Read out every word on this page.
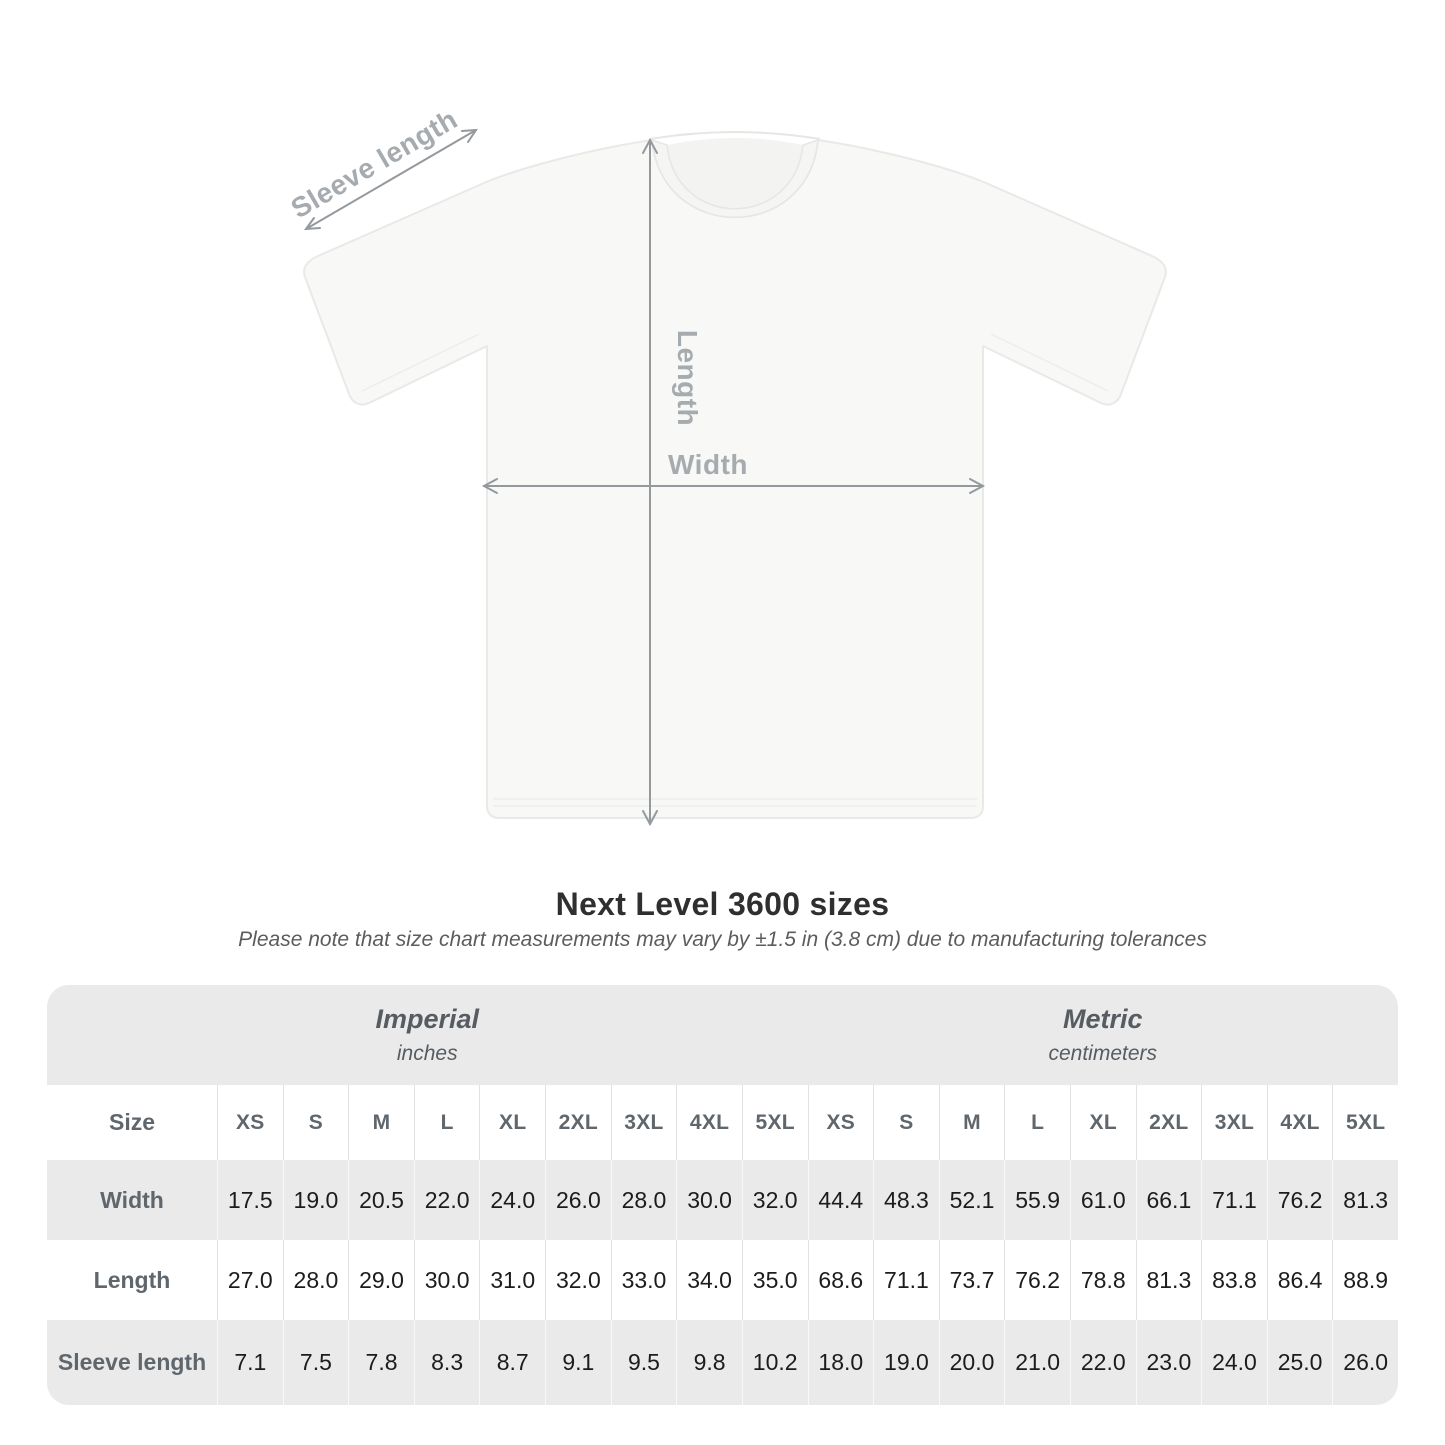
Width
Length
Sleeve length
Next Level 3600 sizes

Please note that size chart measurements may vary by ±1.5 in (3.8 cm) due to manufacturing tolerances

Imperial
inches
Metric
centimeters
Size	XS	S	M	L	XL	2XL	3XL	4XL	5XL	XS	S	M	L	XL	2XL	3XL	4XL	5XL
Width	17.5 19.0 20.5 22.0 24.0 26.0 28.0 30.0 32.0 44.4 48.3 52.1 55.9 61.0 66.1 71.1 76.2 81.3
Length	27.0 28.0 29.0 30.0 31.0 32.0 33.0 34.0 35.0 68.6 71.1 73.7 76.2 78.8 81.3 83.8 86.4 88.9
Sleeve length	7.1	7.5	7.8	8.3	8.7	9.1	9.5	9.8	10.2 18.0 19.0 20.0 21.0 22.0 23.0 24.0 25.0 26.0
